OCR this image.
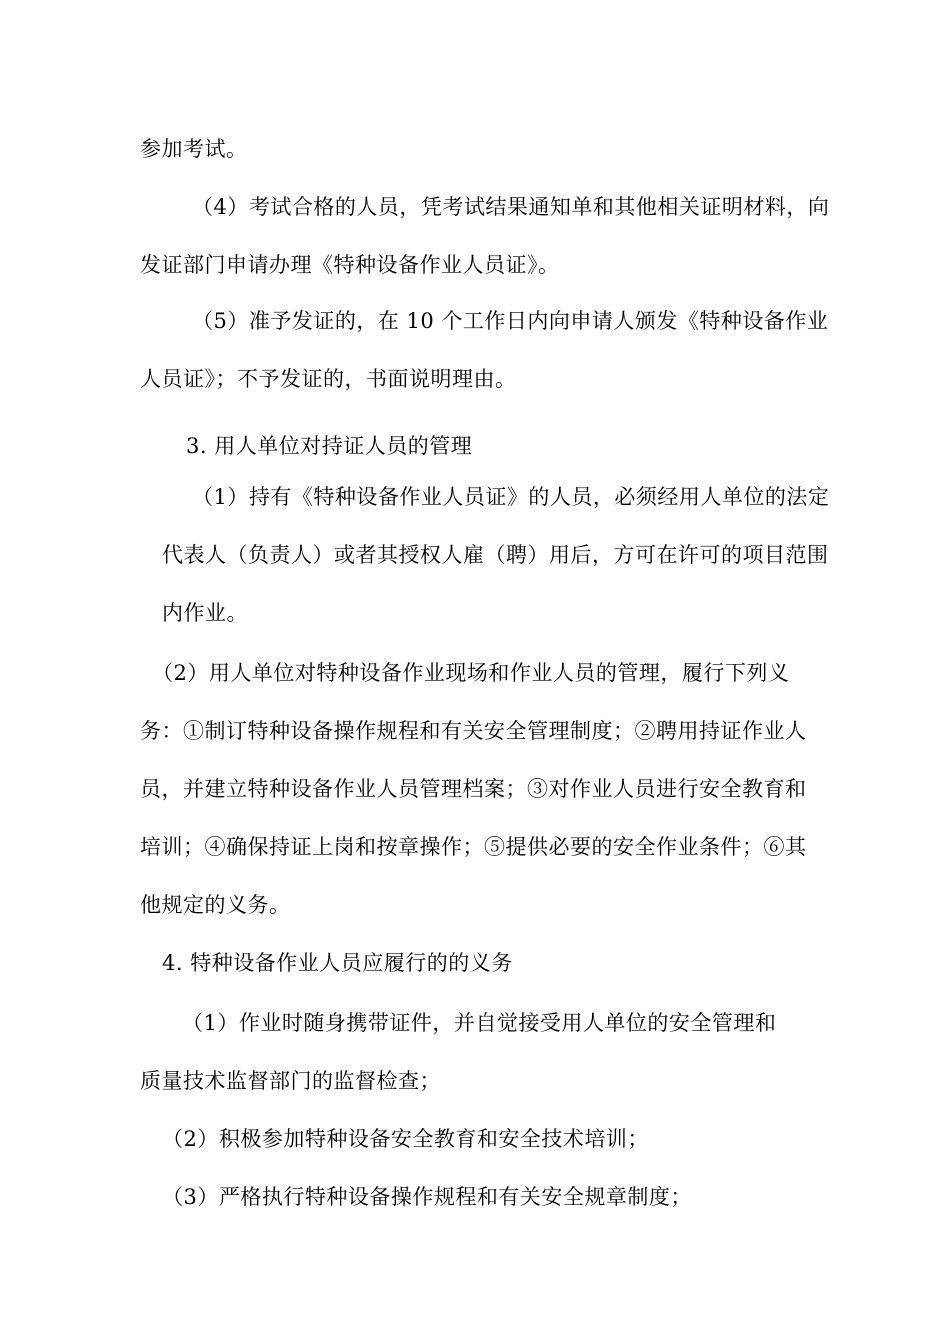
参加考试。
（4）考试合格的人员，凭考试结果通知单和其他相关证明材料，向
发证部门申请办理《特种设备作业人员证》。
（5）准予发证的，在 10 个工作日内向申请人颁发《特种设备作业
人员证》；不予发证的，书面说明理由。
3. 用人单位对持证人员的管理
（1）持有《特种设备作业人员证》的人员，必须经用人单位的法定
代表人（负责人）或者其授权人雇（聘）用后，方可在许可的项目范围
内作业。
（2）用人单位对特种设备作业现场和作业人员的管理，履行下列义
务：①制订特种设备操作规程和有关安全管理制度；②聘用持证作业人
员，并建立特种设备作业人员管理档案；③对作业人员进行安全教育和
培训；④确保持证上岗和按章操作；⑤提供必要的安全作业条件；⑥其
他规定的义务。
4. 特种设备作业人员应履行的的义务
（1）作业时随身携带证件，并自觉接受用人单位的安全管理和
质量技术监督部门的监督检查；
（2）积极参加特种设备安全教育和安全技术培训；
（3）严格执行特种设备操作规程和有关安全规章制度；
